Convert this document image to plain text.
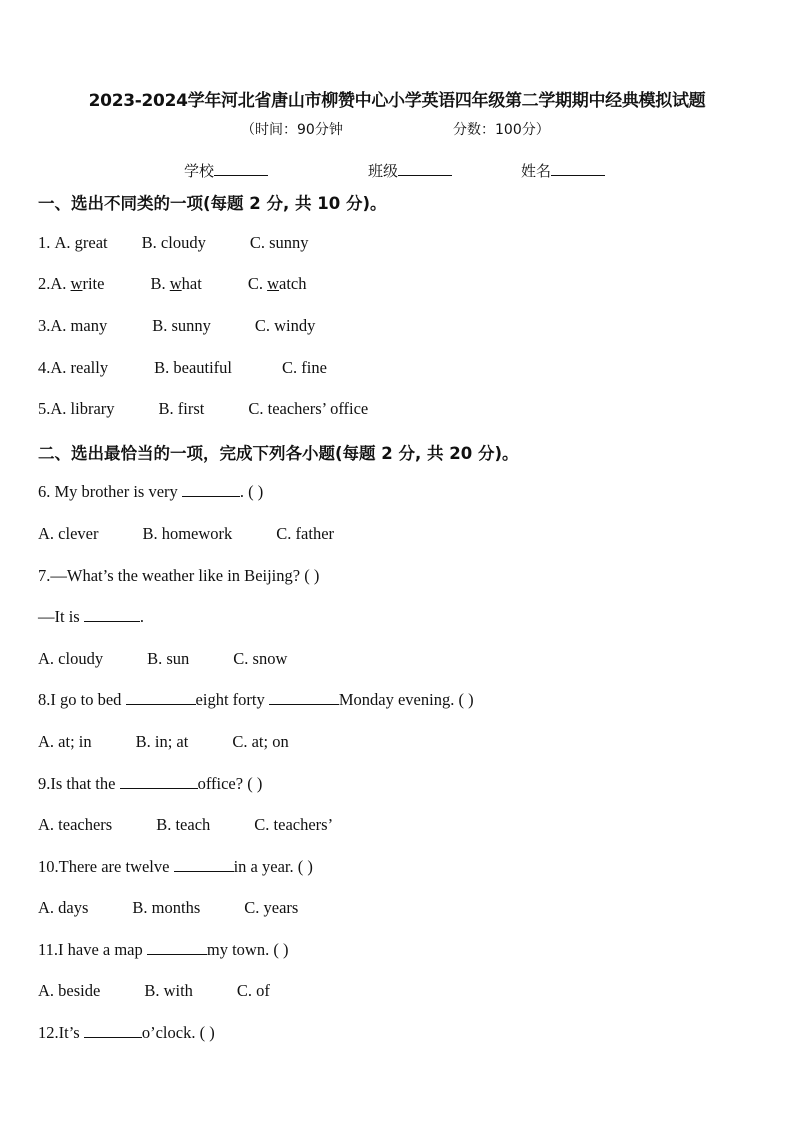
2023-2024学年河北省唐山市柳赞中心小学英语四年级第二学期期中经典模拟试题
（时间：90分钟	分数：100分）
学校	班级	姓名
一、选出不同类的一项(每题 2 分, 共 10 分)。
1. A. great B. cloudy	C. sunny
2.A. write	B. what	C. watch
3.A. many	B. sunny	C. windy
4.A. really	B. beautiful	C. fine
5.A. library	B. first	C. teachers’ office
二、选出最恰当的一项，完成下列各小题(每题 2 分, 共 20 分)。
6. My brother is very	. ( )
A. clever	B. homework	C. father
7.—What’s the weather like in Beijing? ( )
—It is	.
A. cloudy	B. sun	C. snow
8.I go to bed	eight forty	Monday evening. ( )
A. at; in	B. in; at	C. at; on
9.Is that the	office? ( )
A. teachers	B. teach	C. teachers’
10.There are twelve	in a year. ( )
A. days	B. months	C. years
11.I have a map	my town. ( )
A. beside	B. with	C. of
12.It’s	o’clock. ( )
